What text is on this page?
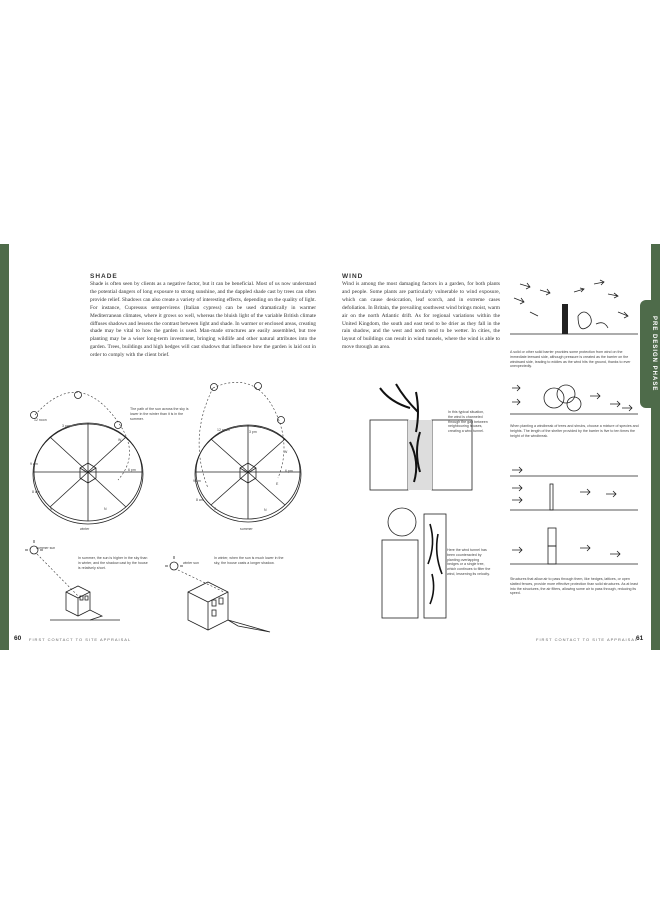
PRE DESIGN PHASE
SHADE
Shade is often seen by clients as a negative factor, but it can be beneficial. Most of us now understand the potential dangers of long exposure to strong sunshine, and the dappled shade cast by trees can often provide relief. Shadows can also create a variety of interesting effects, depending on the quality of light. For instance, Cupressus sempervirens (Italian cypress) can be used dramatically in warmer Mediterranean climates, where it grows so well, whereas the bluish light of the variable British climate diffuses shadows and lessens the contrast between light and shade. In warmer or enclosed areas, creating shade may be vital to how the garden is used. Man-made structures are easily assembled, but tree planting may be a wiser long-term investment, bringing wildlife and other natural attributes into the garden. Trees, buildings and high hedges will cast shadows that influence how the garden is laid out in order to comply with the client brief.
12 noon
3 pm
9 am
8 am
6 pm
W
S	N
winter
The path of the sun across the sky is lower in the winter than it is in the summer.
12 noon	3 pm
9 am
8 am
6 pm
W
E
S	N
summer
summer sun
In summer, the sun is higher in the sky than in winter, and the shadow cast by the house is relatively short.
winter sun
In winter, when the sun is much lower in the sky, the house casts a longer shadow.
60 FIRST CONTACT TO SITE APPRAISAL
WIND
Wind is among the most damaging factors in a garden, for both plants and people. Some plants are particularly vulnerable to wind exposure, which can cause desiccation, leaf scorch, and in extreme cases defoliation. In Britain, the prevailing southwest wind brings moist, warm air on the north Atlantic drift. As for regional variations within the United Kingdom, the south and east tend to be drier as they fall in the rain shadow, and the west and north tend to be wetter. In cities, the layout of buildings can result in wind tunnels, where the wind is able to move through an area.
A solid or other solid barrier provides some protection from wind on the immediate leeward side, although pressure is created as the barrier on the windward side, leading to eddies as the wind hits the ground, thanks to ever unexpectedly.
When planting a windbreak of trees and shrubs, choose a mixture of species and heights. The length of the shelter provided by the barrier is five to ten times the height of the windbreak.
Structures that allow air to pass through them, like hedges, lattices, or open slatted fences, provide more effective protection than solid structures. As at least into the structures, the air filters, allowing some air to pass through, reducing its speed.
In this typical situation, the wind is channeled through the gap between neighbouring houses, creating a wind tunnel.
Here the wind tunnel has been counteracted by planting overlapping hedges or a single tree, which continues to filter the wind, lessening its velocity.
61
FIRST CONTACT TO SITE APPRAISAL
